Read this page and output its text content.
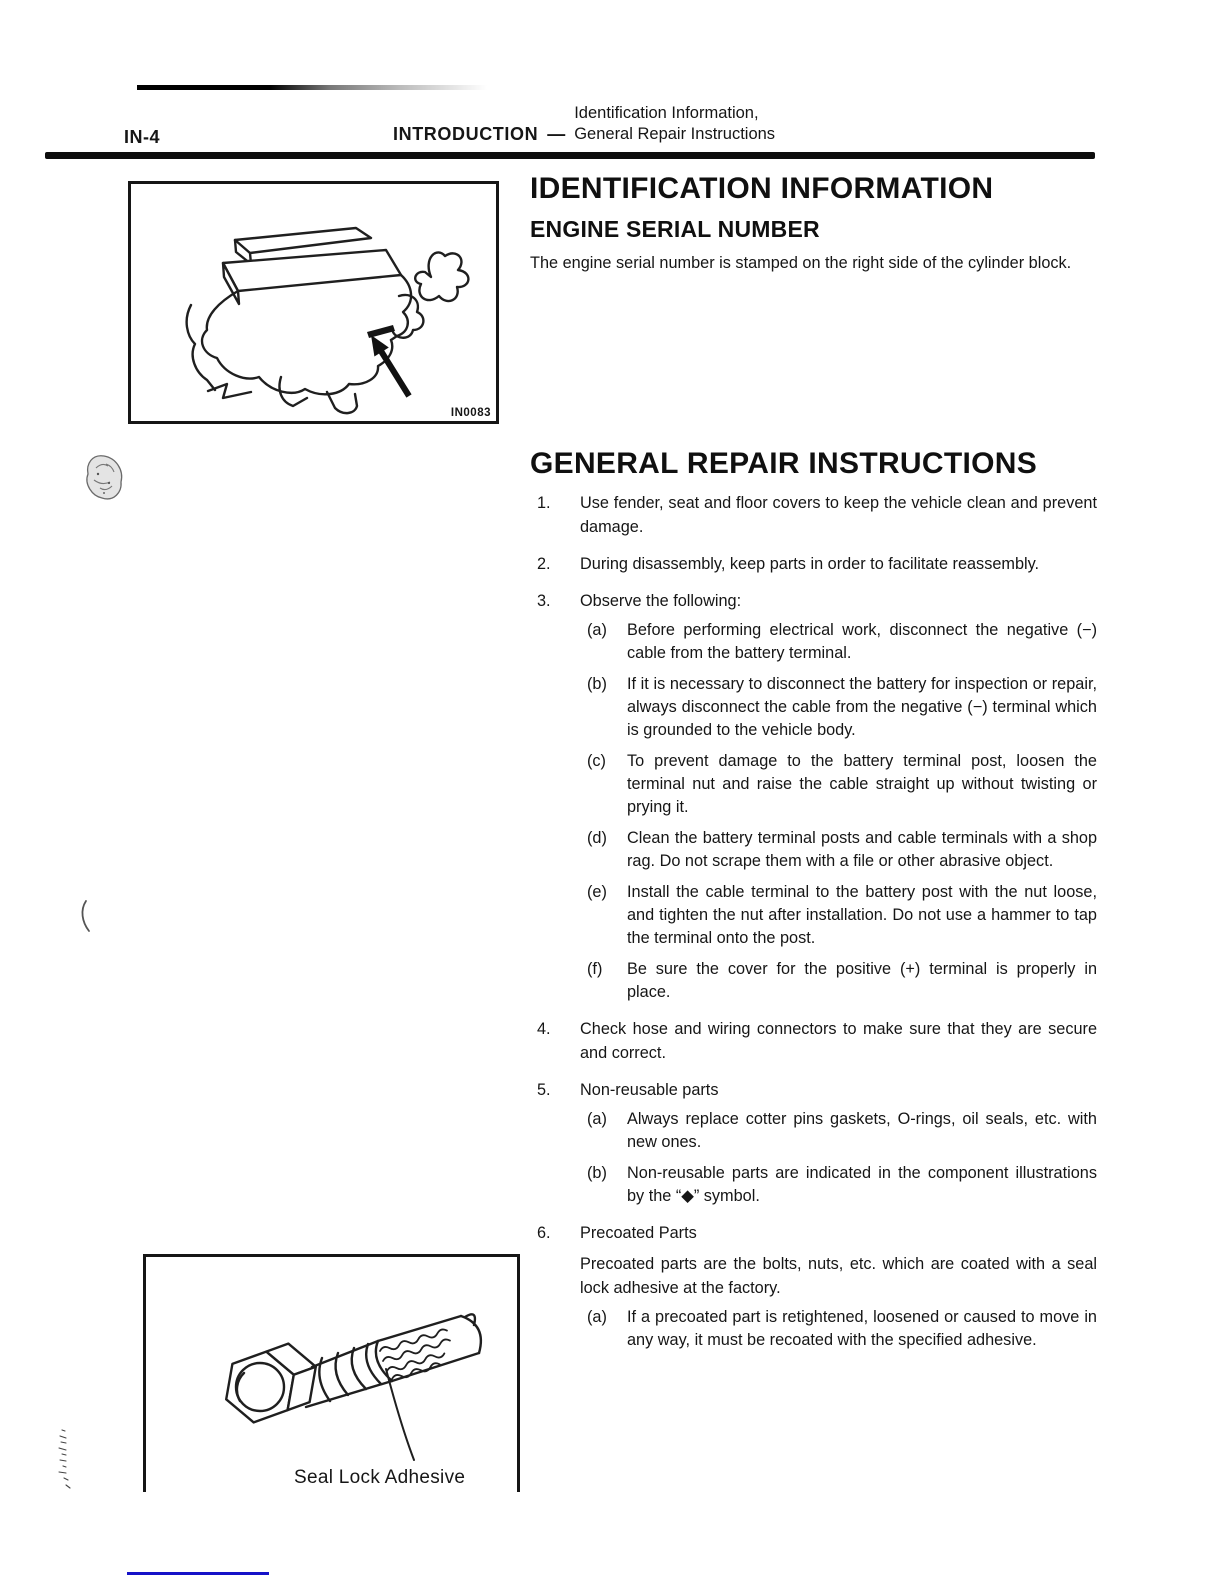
IN-4	INTRODUCTION —
Identification Information,
General Repair Instructions
IN0083
IDENTIFICATION INFORMATION
ENGINE SERIAL NUMBER

The engine serial number is stamped on the right side of the cylinder block.

GENERAL REPAIR INSTRUCTIONS
1.	Use fender, seat and floor covers to keep the vehicle clean and prevent damage.
2.	During disassembly, keep parts in order to facilitate reassembly.
3.	Observe the following:
(a)	Before performing electrical work, disconnect the negative (−) cable from the battery terminal.
(b)	If it is necessary to disconnect the battery for inspection or repair, always disconnect the cable from the negative (−) terminal which is grounded to the vehicle body.
(c)	To prevent damage to the battery terminal post, loosen the terminal nut and raise the cable straight up without twisting or prying it.
(d)	Clean the battery terminal posts and cable terminals with a shop rag. Do not scrape them with a file or other abrasive object.
(e)	Install the cable terminal to the battery post with the nut loose, and tighten the nut after installation. Do not use a hammer to tap the terminal onto the post.
(f)	Be sure the cover for the positive (+) terminal is properly in place.
4.	Check hose and wiring connectors to make sure that they are secure and correct.
5.	Non-reusable parts
(a)	Always replace cotter pins gaskets, O-rings, oil seals, etc. with new ones.
(b)	Non-reusable parts are indicated in the component illustrations by the “◆” symbol.
6.	Precoated Parts
Precoated parts are the bolts, nuts, etc. which are coated with a seal lock adhesive at the factory.
(a)	If a precoated part is retightened, loosened or caused to move in any way, it must be recoated with the specified adhesive.
Seal Lock Adhesive
